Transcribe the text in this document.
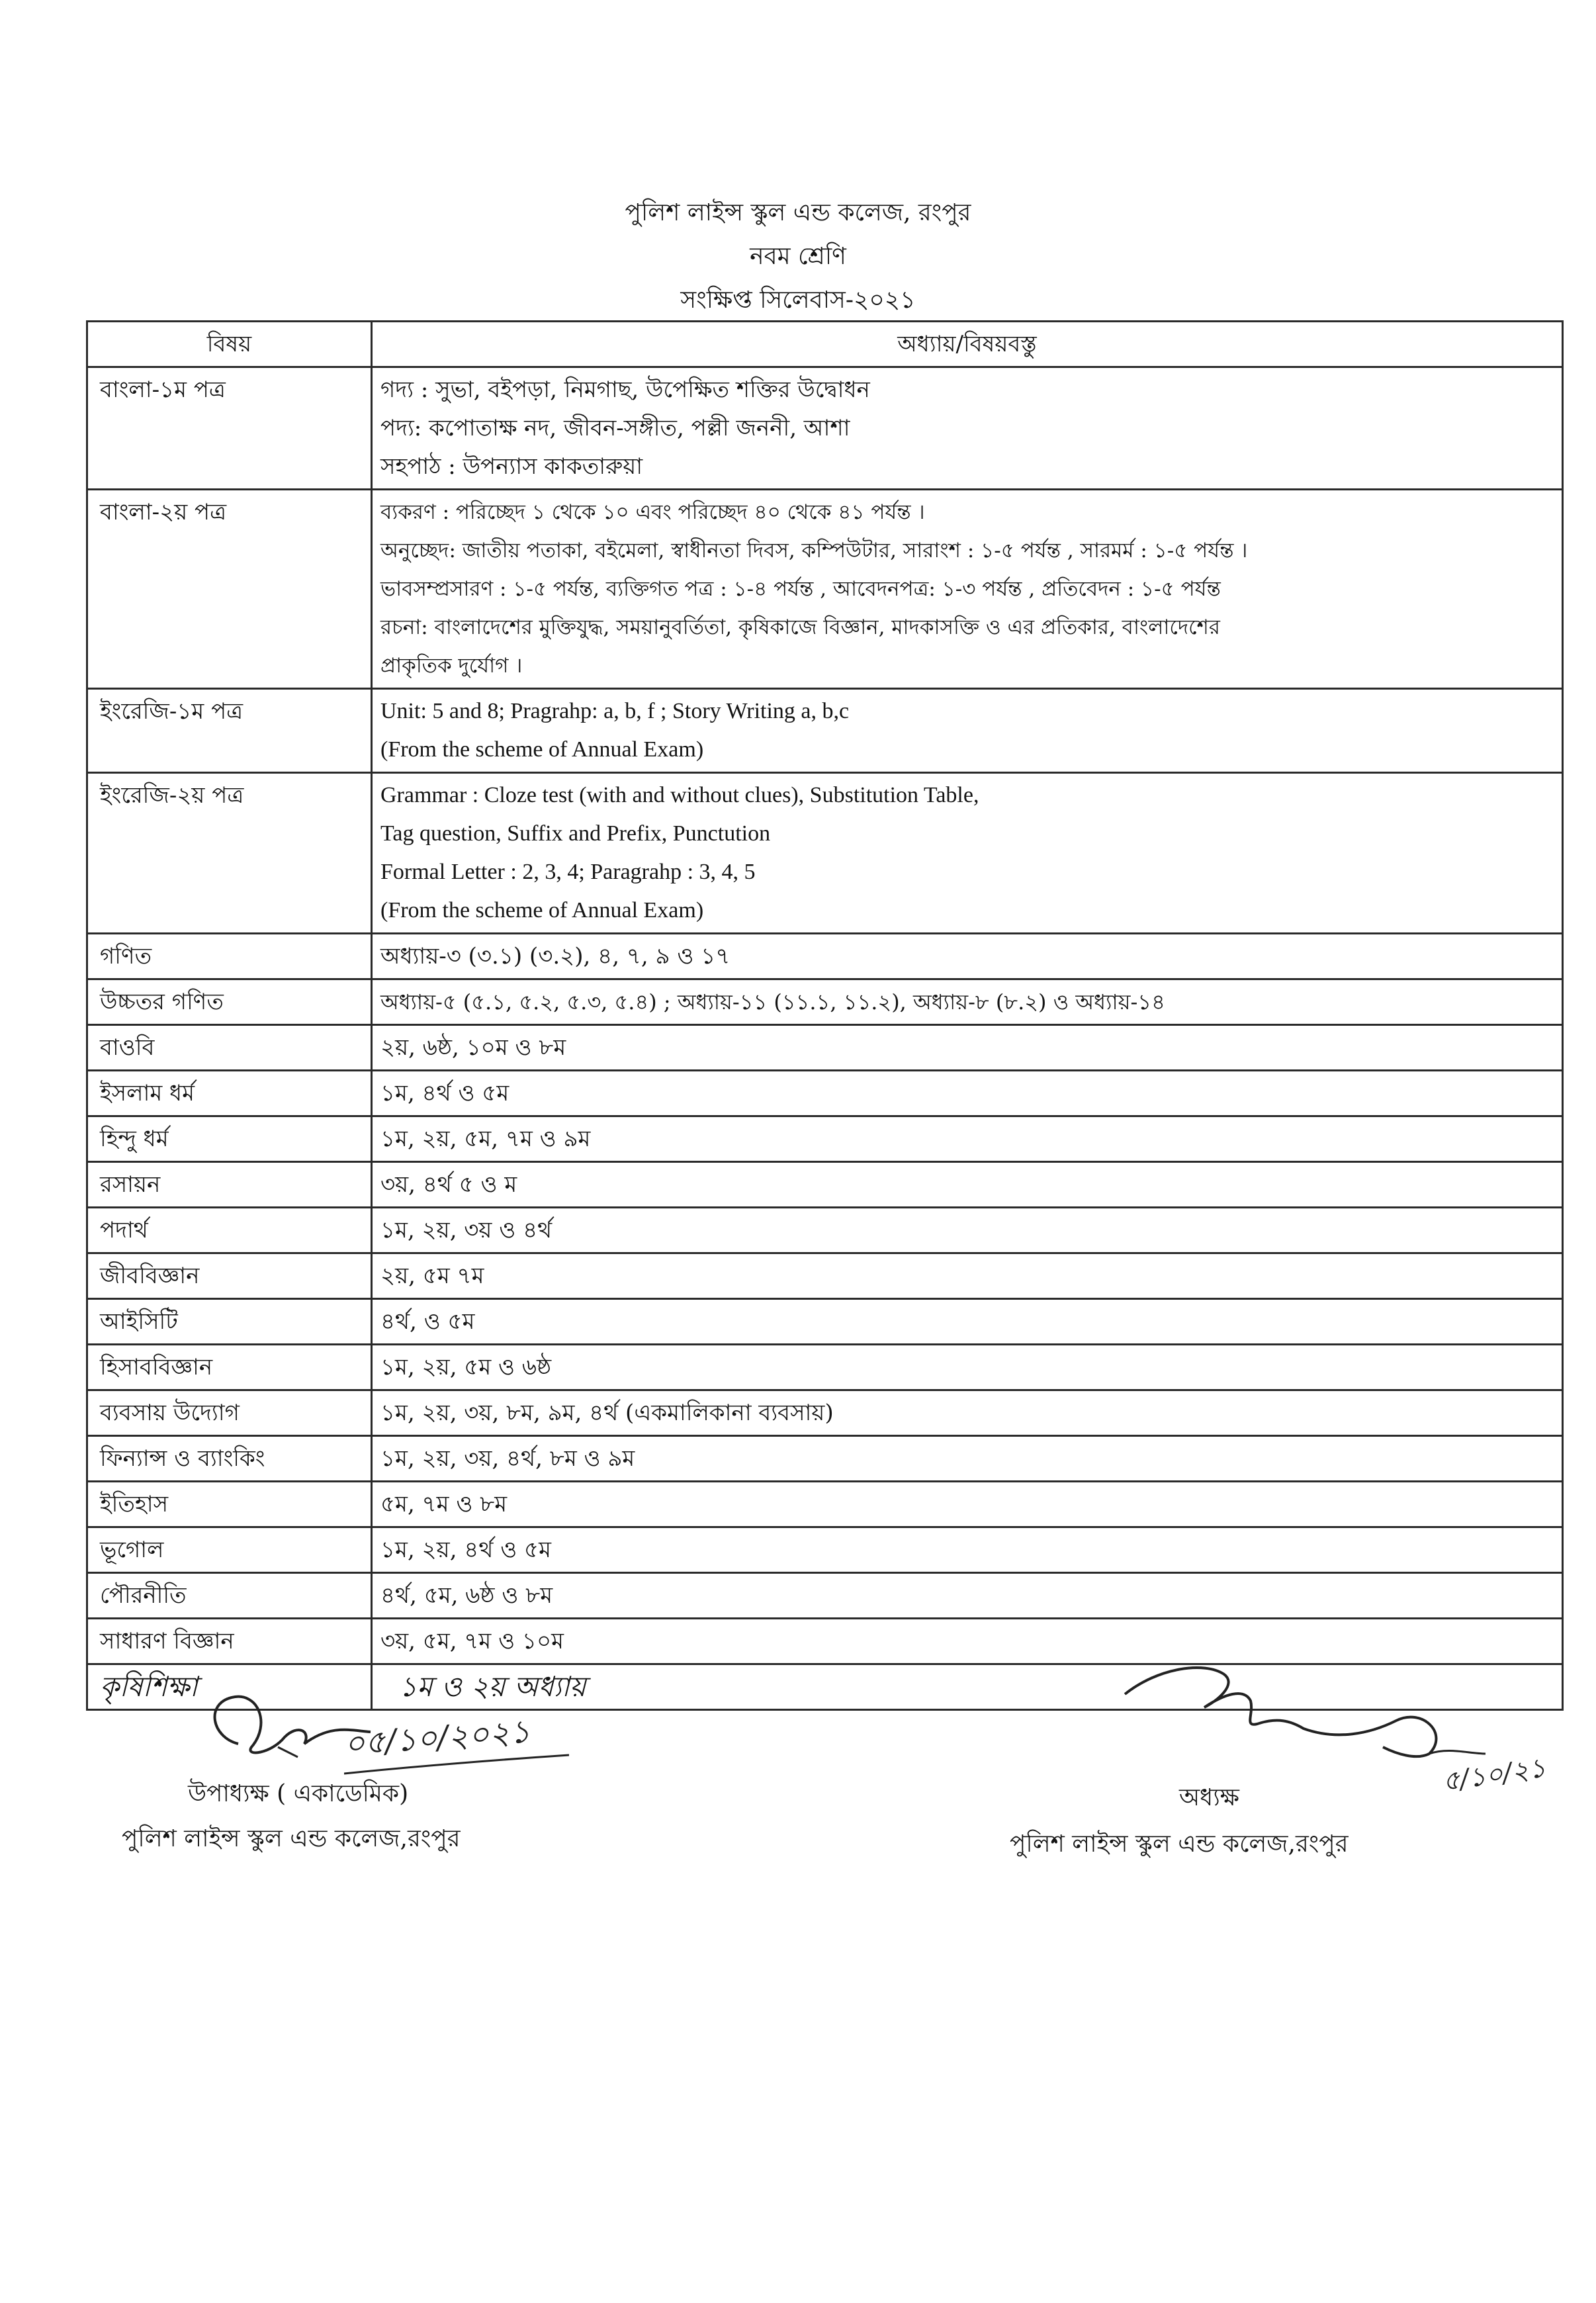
পুলিশ লাইন্স স্কুল এন্ড কলেজ, রংপুর
নবম শ্রেণি
সংক্ষিপ্ত সিলেবাস-২০২১
বিষয়	অধ্যায়/বিষয়বস্তু
বাংলা-১ম পত্র	গদ্য : সুভা, বইপড়া, নিমগাছ, উপেক্ষিত শক্তির উদ্বোধন
পদ্য: কপোতাক্ষ নদ, জীবন-সঙ্গীত, পল্লী জননী, আশা
সহপাঠ : উপন্যাস কাকতারুয়া

বাংলা-২য় পত্র	ব্যকরণ : পরিচ্ছেদ ১ থেকে ১০ এবং পরিচ্ছেদ ৪০ থেকে ৪১ পর্যন্ত ।
অনুচ্ছেদ: জাতীয় পতাকা, বইমেলা, স্বাধীনতা দিবস, কম্পিউটার, সারাংশ : ১-৫ পর্যন্ত , সারমর্ম : ১-৫ পর্যন্ত ।
ভাবসম্প্রসারণ : ১-৫ পর্যন্ত, ব্যক্তিগত পত্র : ১-৪ পর্যন্ত , আবেদনপত্র: ১-৩ পর্যন্ত , প্রতিবেদন : ১-৫ পর্যন্ত
রচনা: বাংলাদেশের মুক্তিযুদ্ধ, সময়ানুবর্তিতা, কৃষিকাজে বিজ্ঞান, মাদকাসক্তি ও এর প্রতিকার, বাংলাদেশের
প্রাকৃতিক দুর্যোগ ।

ইংরেজি-১ম পত্র	Unit: 5 and 8; Pragrahp: a, b, f ; Story Writing a, b,c
(From the scheme of Annual Exam)

ইংরেজি-২য় পত্র	Grammar : Cloze test (with and without clues), Substitution Table,
Tag question, Suffix and Prefix, Punctution
Formal Letter : 2, 3, 4; Paragrahp : 3, 4, 5
(From the scheme of Annual Exam)

গণিত	অধ্যায়-৩ (৩.১) (৩.২), ৪, ৭, ৯ ও ১৭
উচ্চতর গণিত	অধ্যায়-৫ (৫.১, ৫.২, ৫.৩, ৫.৪) ; অধ্যায়-১১ (১১.১, ১১.২), অধ্যায়-৮ (৮.২) ও অধ্যায়-১৪
বাওবি	২য়, ৬ষ্ঠ, ১০ম ও ৮ম
ইসলাম ধর্ম	১ম, ৪র্থ ও ৫ম
হিন্দু ধর্ম	১ম, ২য়, ৫ম, ৭ম ও ৯ম
রসায়ন	৩য়, ৪র্থ ৫ ও ম
পদার্থ	১ম, ২য়, ৩য় ও ৪র্থ
জীববিজ্ঞান	২য়, ৫ম ৭ম
আইসিটি	৪র্থ, ও ৫ম
হিসাববিজ্ঞান	১ম, ২য়, ৫ম ও ৬ষ্ঠ
ব্যবসায় উদ্যোগ	১ম, ২য়, ৩য়, ৮ম, ৯ম, ৪র্থ (একমালিকানা ব্যবসায়)
ফিন্যান্স ও ব্যাংকিং	১ম, ২য়, ৩য়, ৪র্থ, ৮ম ও ৯ম
ইতিহাস	৫ম, ৭ম ও ৮ম
ভূগোল	১ম, ২য়, ৪র্থ ও ৫ম
পৌরনীতি	৪র্থ, ৫ম, ৬ষ্ঠ ও ৮ম
সাধারণ বিজ্ঞান	৩য়, ৫ম, ৭ম ও ১০ম
কৃষিশিক্ষা	১ম ও ২য় অধ্যায়
০৫/১০/২০২১
উপাধ্যক্ষ ( একাডেমিক)
পুলিশ লাইন্স স্কুল এন্ড কলেজ,রংপুর
৫/১০/২১
অধ্যক্ষ
পুলিশ লাইন্স স্কুল এন্ড কলেজ,রংপুর
